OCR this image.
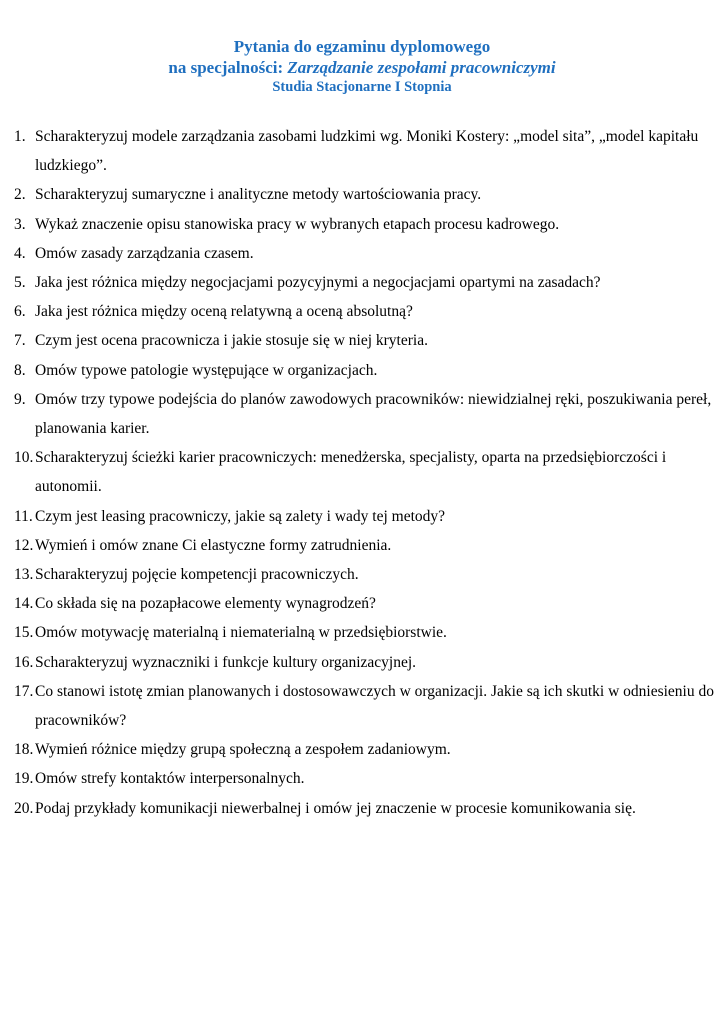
Pytania do egzaminu dyplomowego
na specjalności: Zarządzanie zespołami pracowniczymi
Studia Stacjonarne I Stopnia
1. Scharakteryzuj modele zarządzania zasobami ludzkimi wg. Moniki Kostery: „model sita”, „model kapitału ludzkiego”.
2. Scharakteryzuj sumaryczne i analityczne metody wartościowania pracy.
3. Wykaż znaczenie opisu stanowiska pracy w wybranych etapach procesu kadrowego.
4. Omów zasady zarządzania czasem.
5. Jaka jest różnica między negocjacjami pozycyjnymi a negocjacjami opartymi na zasadach?
6. Jaka jest różnica między oceną relatywną a oceną absolutną?
7. Czym jest ocena pracownicza i jakie stosuje się w niej kryteria.
8. Omów typowe patologie występujące w organizacjach.
9. Omów trzy typowe podejścia do planów zawodowych pracowników: niewidzialnej ręki, poszukiwania pereł, planowania karier.
10. Scharakteryzuj ścieżki karier pracowniczych: menedżerska, specjalisty, oparta na przedsiębiorczości i autonomii.
11. Czym jest leasing pracowniczy, jakie są zalety i wady tej metody?
12. Wymień i omów znane Ci elastyczne formy zatrudnienia.
13. Scharakteryzuj pojęcie kompetencji pracowniczych.
14. Co składa się na pozapłacowe elementy wynagrodzeń?
15. Omów motywację materialną i niematerialną w przedsiębiorstwie.
16. Scharakteryzuj wyznaczniki i funkcje kultury organizacyjnej.
17. Co stanowi istotę zmian planowanych i dostosowawczych w organizacji. Jakie są ich skutki w odniesieniu do pracowników?
18. Wymień różnice między grupą społeczną a zespołem zadaniowym.
19. Omów strefy kontaktów interpersonalnych.
20. Podaj przykłady komunikacji niewerbalnej i omów jej znaczenie w procesie komunikowania się.
